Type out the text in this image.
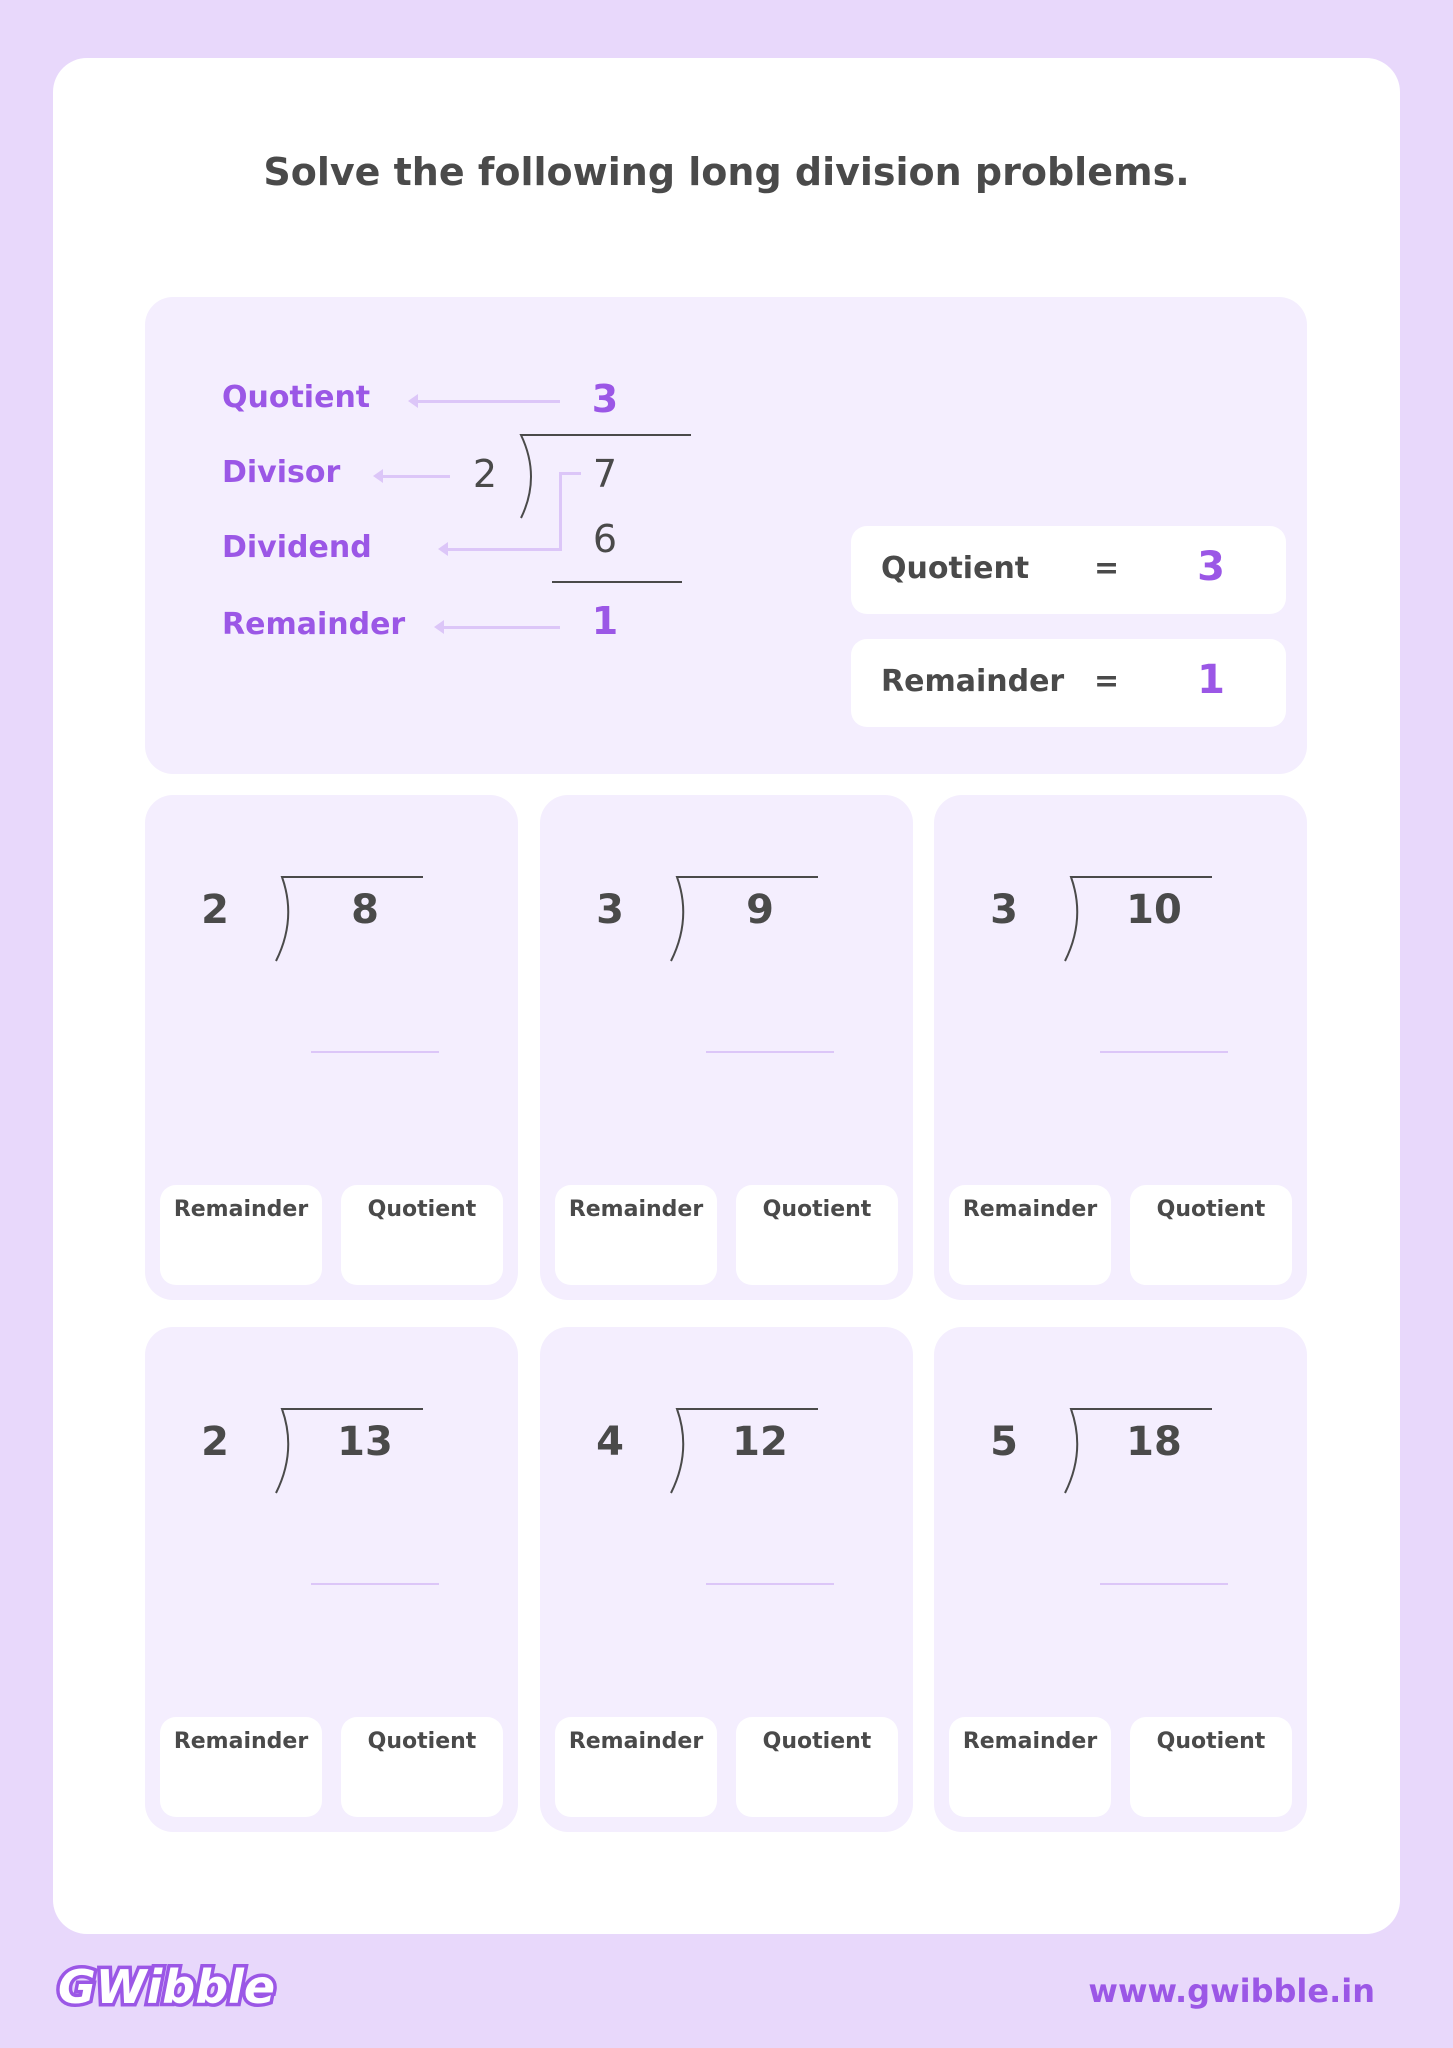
Solve the following long division problems.
Quotient
Divisor
Dividend
Remainder
3
2	7
6
1
Quotient = 3
Remainder = 1
2	8
Remainder	Quotient
3	9
Remainder	Quotient
3	10
Remainder	Quotient
2	13
Remainder	Quotient
4	12
Remainder	Quotient
5	18
Remainder	Quotient
GWibble	www.gwibble.in
